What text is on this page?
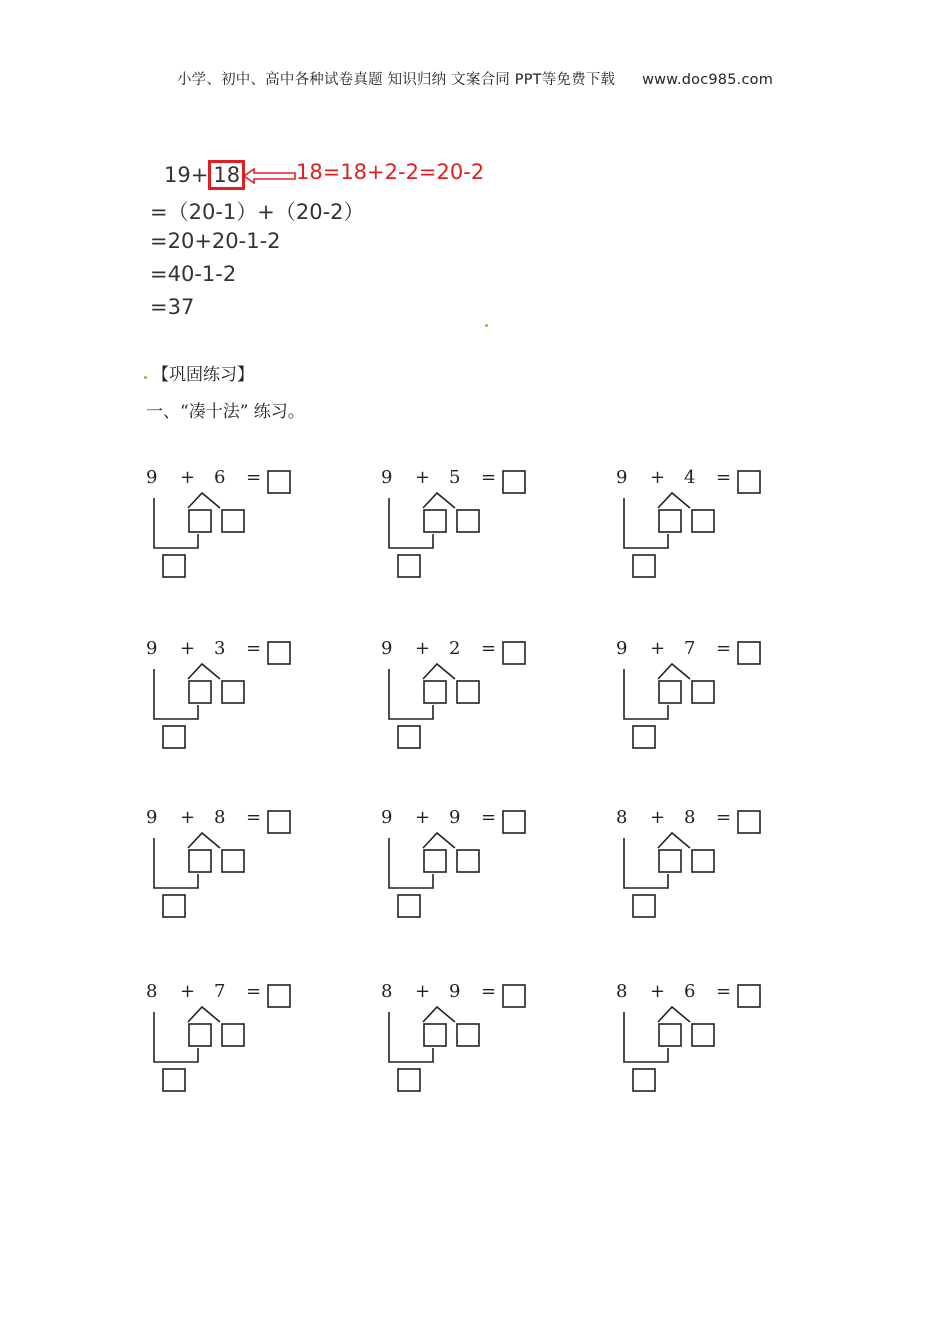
小学、初中、高中各种试卷真题 知识归纳 文案合同 PPT等免费下载 www.doc985.com
19+ 18	18=18+2-2=20-2
=（20-1）+（20-2）
=20+20-1-2
=40-1-2
=37
【巩固练习】
一、“凑十法” 练习。
9 + 6 =	9 + 5 =	9 + 4 =
9 + 3 =	9 + 2 =	9 + 7 =
9 + 8 =	9 + 9 =	8 + 8 =
8 + 7 =	8 + 9 =	8 + 6 =
